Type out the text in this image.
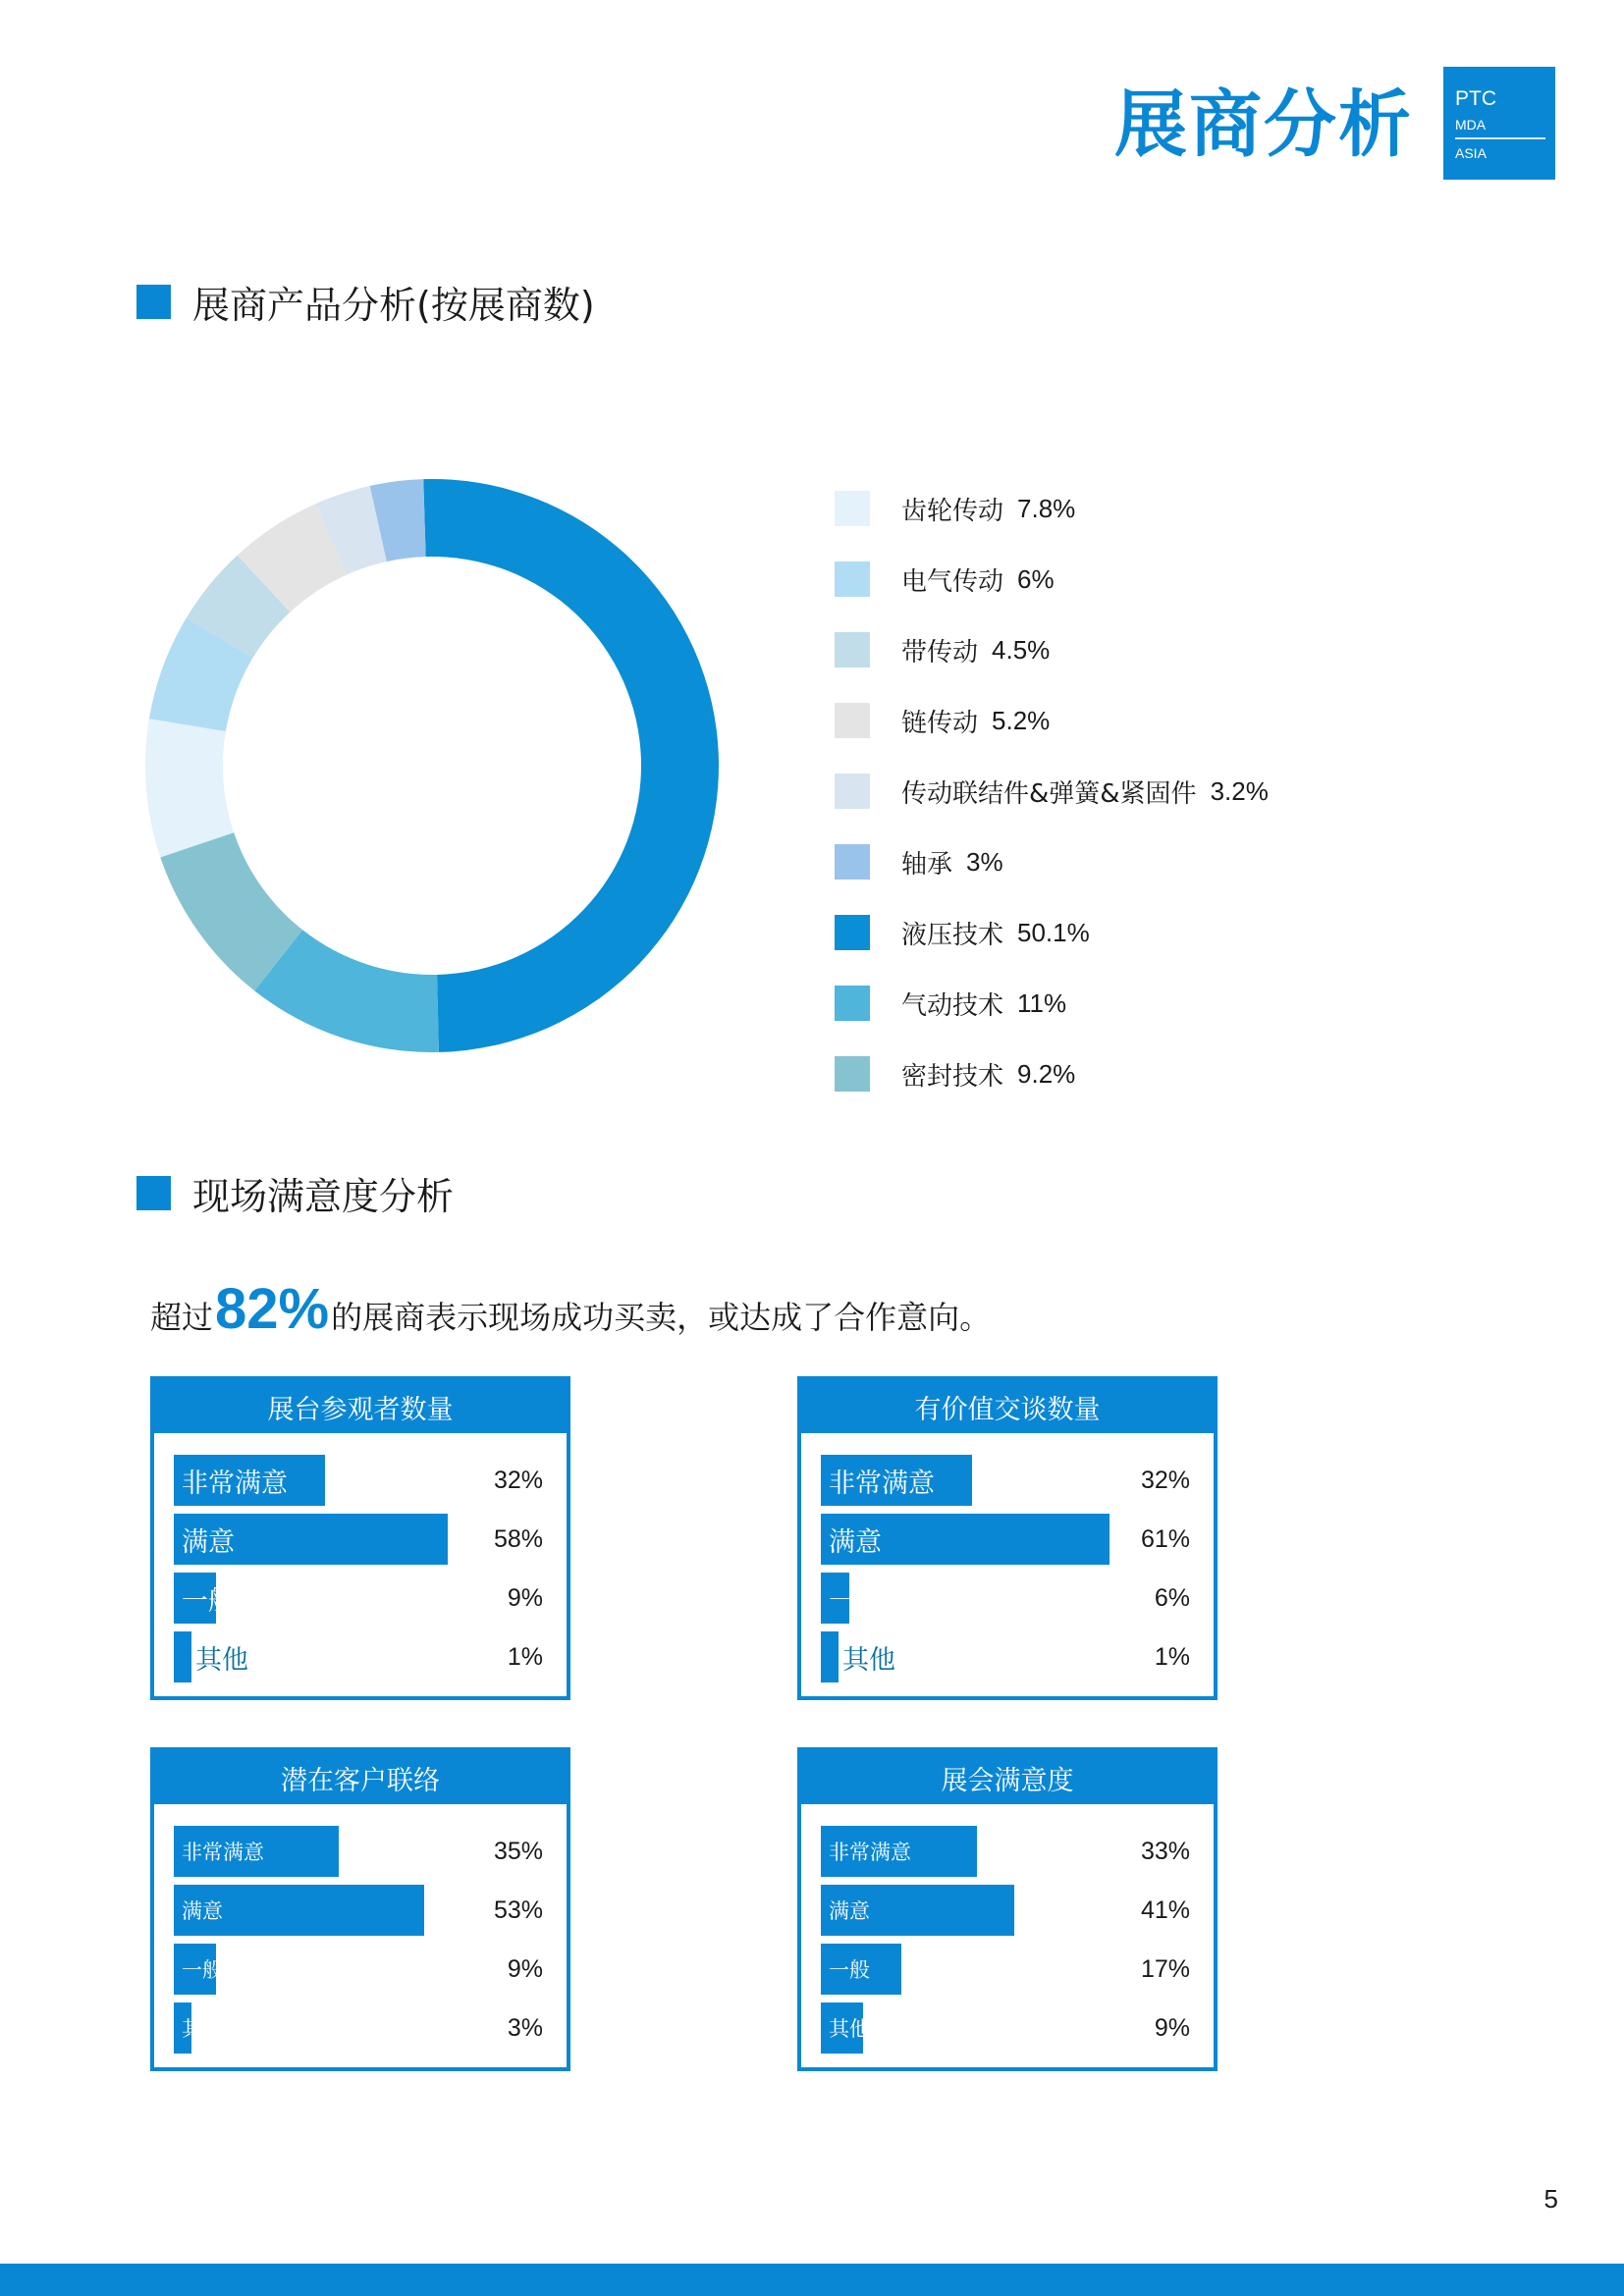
展商分析 PTC
MDA
ASIA
展商产品分析(按展商数)
齿轮传动 7.8%
电气传动 6%
带传动 4.5%
链传动 5.2%
传动联结件&弹簧&紧固件 3.2%
轴承 3%
液压技术 50.1%
气动技术 11%
密封技术 9.2%
现场满意度分析
超过 82% 的展商表示现场成功买卖，或达成了合作意向。
展台参观者数量
非常满意	32%
满意	58%
一般	9%
其他	1%
有价值交谈数量
非常满意	32%
满意	61%
一般	6%
其他	1%
潜在客户联络
非常满意	35%
满意	53%
一般	9%
其他	3%
展会满意度
非常满意	33%
满意	41%
一般	17%
其他	9%
5
